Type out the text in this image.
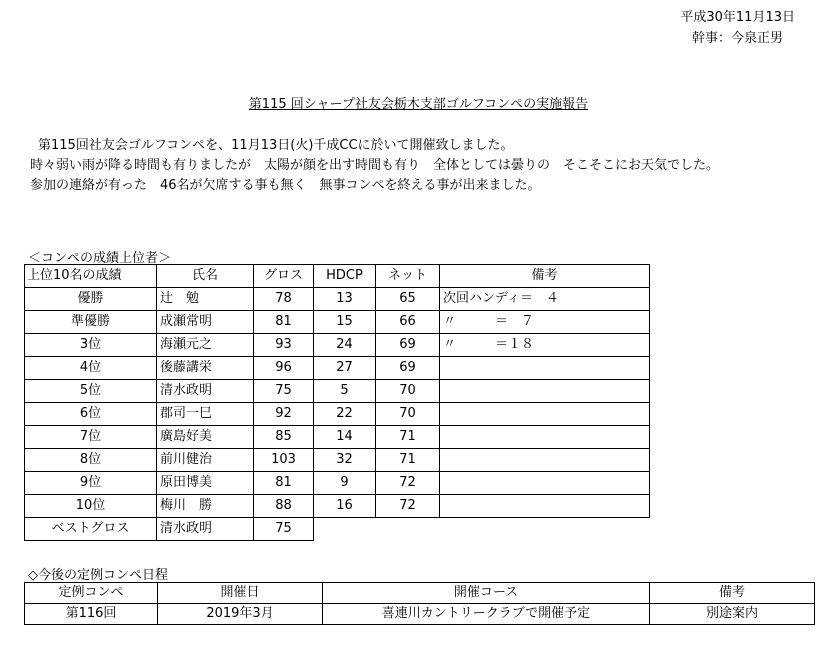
平成30年11月13日
幹事：今泉正男
第115 回シャープ社友会栃木支部ゴルフコンペの実施報告
第115回社友会ゴルフコンペを、11月13日(火)千成CCに於いて開催致しました。
時々弱い雨が降る時間も有りましたが　太陽が顔を出す時間も有り　全体としては曇りの　そこそこにお天気でした。
参加の連絡が有った　46名が欠席する事も無く　無事コンペを終える事が出来ました。
＜コンペの成績上位者＞
上位10名の成績	氏名	グロス	HDCP	ネット	備考
優勝	辻　勉	78	13	65	次回ハンディ＝　４
準優勝	成瀬常明	81	15	66	〃　　　＝　７
3位	海瀬元之	93	24	69	〃　　　＝１８
4位	後藤講栄	96	27	69	
5位	清水政明	75	5	70	
6位	郡司一巳	92	22	70	
7位	廣島好美	85	14	71	
8位	前川健治	103	32	71	
9位	原田博美	81	9	72	
10位	梅川　勝	88	16	72	
ベストグロス	清水政明	75			
◇今後の定例コンペ日程
定例コンペ	開催日	開催コース	備考
第116回	2019年3月	喜連川カントリークラブで開催予定	別途案内
